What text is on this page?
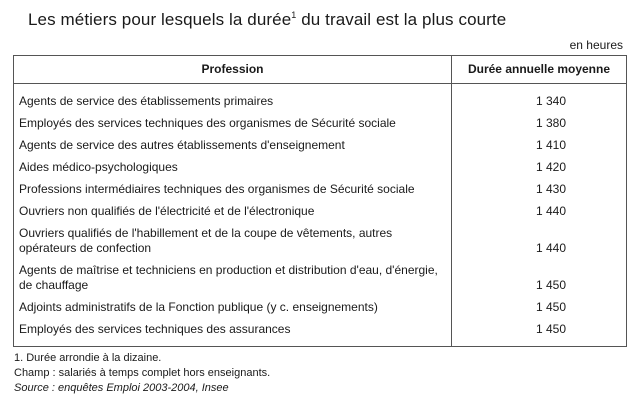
Les métiers pour lesquels la durée$^1$ du travail est la plus courte
en heures
Profession	Durée annuelle moyenne
Agents de service des établissements primaires	1 340
Employés des services techniques des organismes de Sécurité sociale	1 380
Agents de service des autres établissements d'enseignement	1 410
Aides médico-psychologiques	1 420
Professions intermédiaires techniques des organismes de Sécurité sociale	1 430
Ouvriers non qualifiés de l'électricité et de l'électronique	1 440
Ouvriers qualifiés de l'habillement et de la coupe de vêtements, autres opérateurs de confection	1 440
Agents de maîtrise et techniciens en production et distribution d'eau, d'énergie, de chauffage	1 450
Adjoints administratifs de la Fonction publique (y c. enseignements)	1 450
Employés des services techniques des assurances	1 450
1. Durée arrondie à la dizaine.
Champ : salariés à temps complet hors enseignants.
Source : enquêtes Emploi 2003-2004, Insee
